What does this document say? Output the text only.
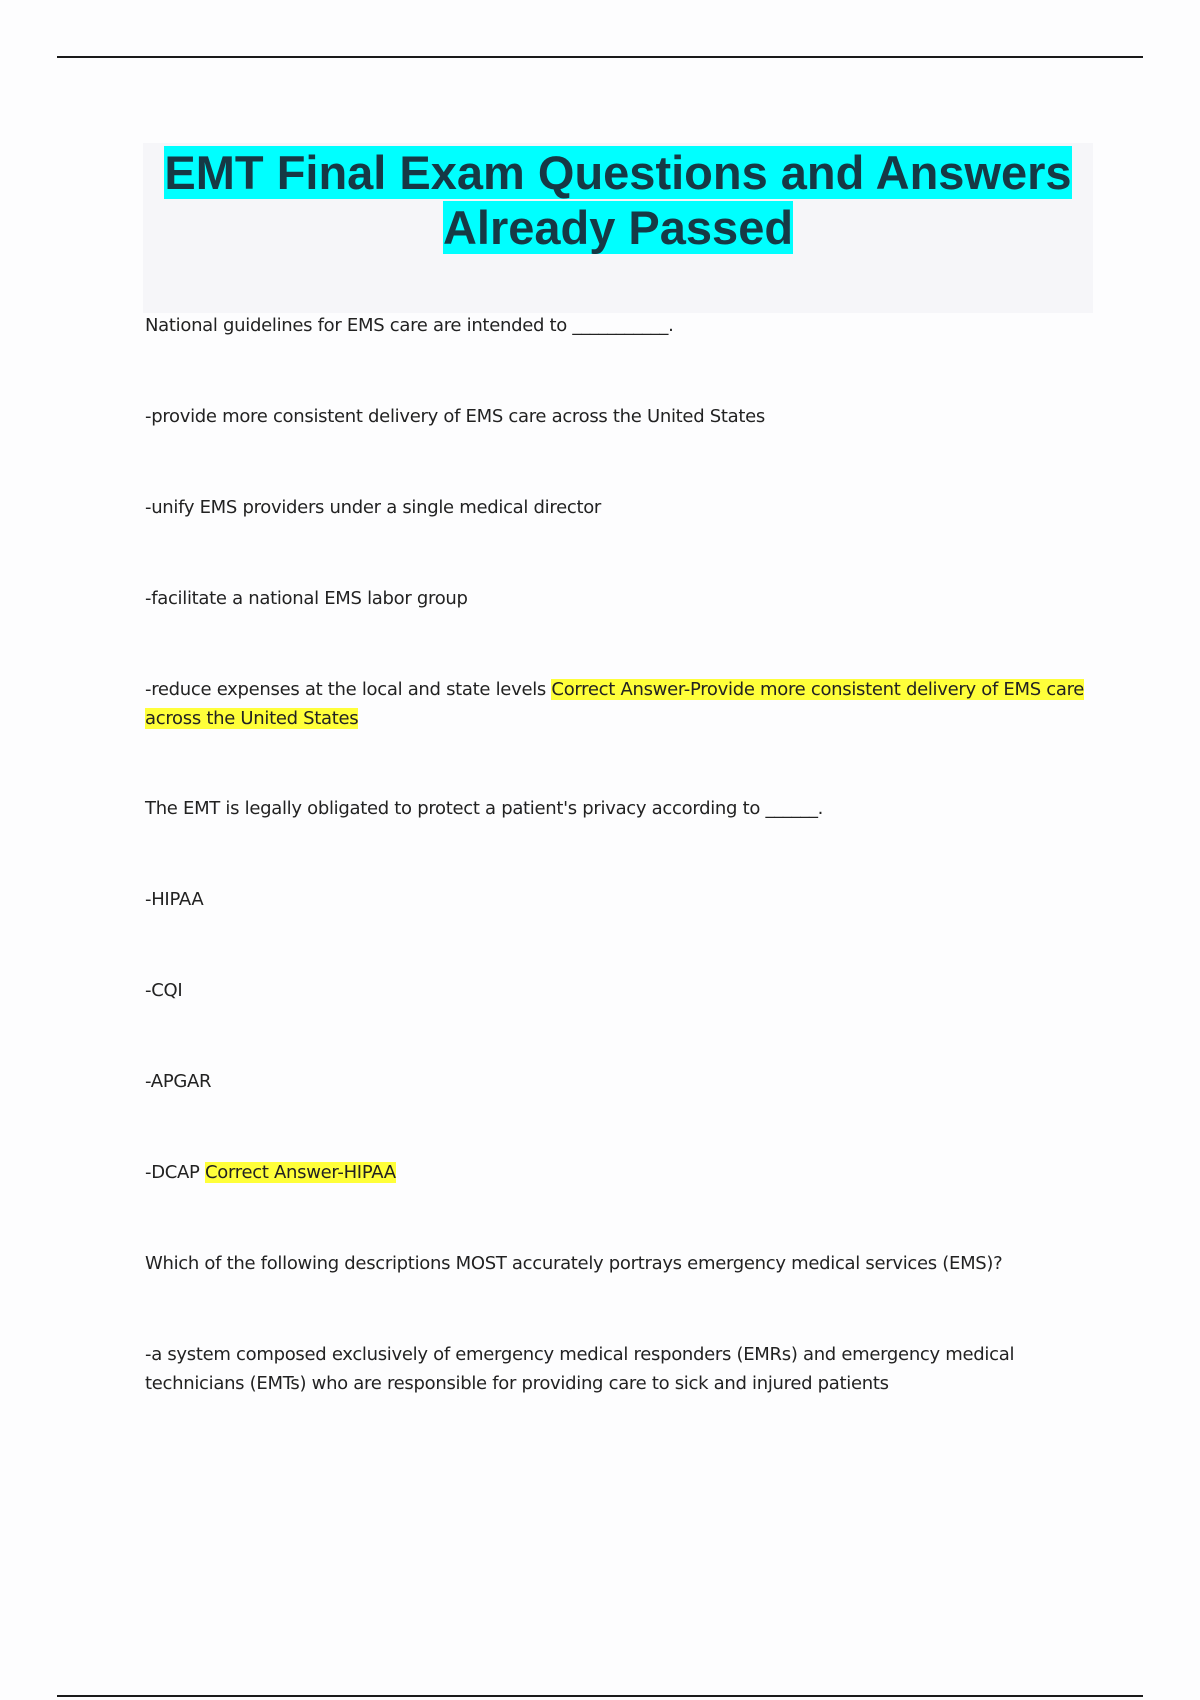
EMT Final Exam Questions and Answers
Already Passed
National guidelines for EMS care are intended to ___________.
-provide more consistent delivery of EMS care across the United States
-unify EMS providers under a single medical director
-facilitate a national EMS labor group
-reduce expenses at the local and state levels Correct Answer-Provide more consistent delivery of EMS care across the United States
The EMT is legally obligated to protect a patient's privacy according to ______.
-HIPAA
-CQI
-APGAR
-DCAP Correct Answer-HIPAA
Which of the following descriptions MOST accurately portrays emergency medical services (EMS)?
-a system composed exclusively of emergency medical responders (EMRs) and emergency medical technicians (EMTs) who are responsible for providing care to sick and injured patients
